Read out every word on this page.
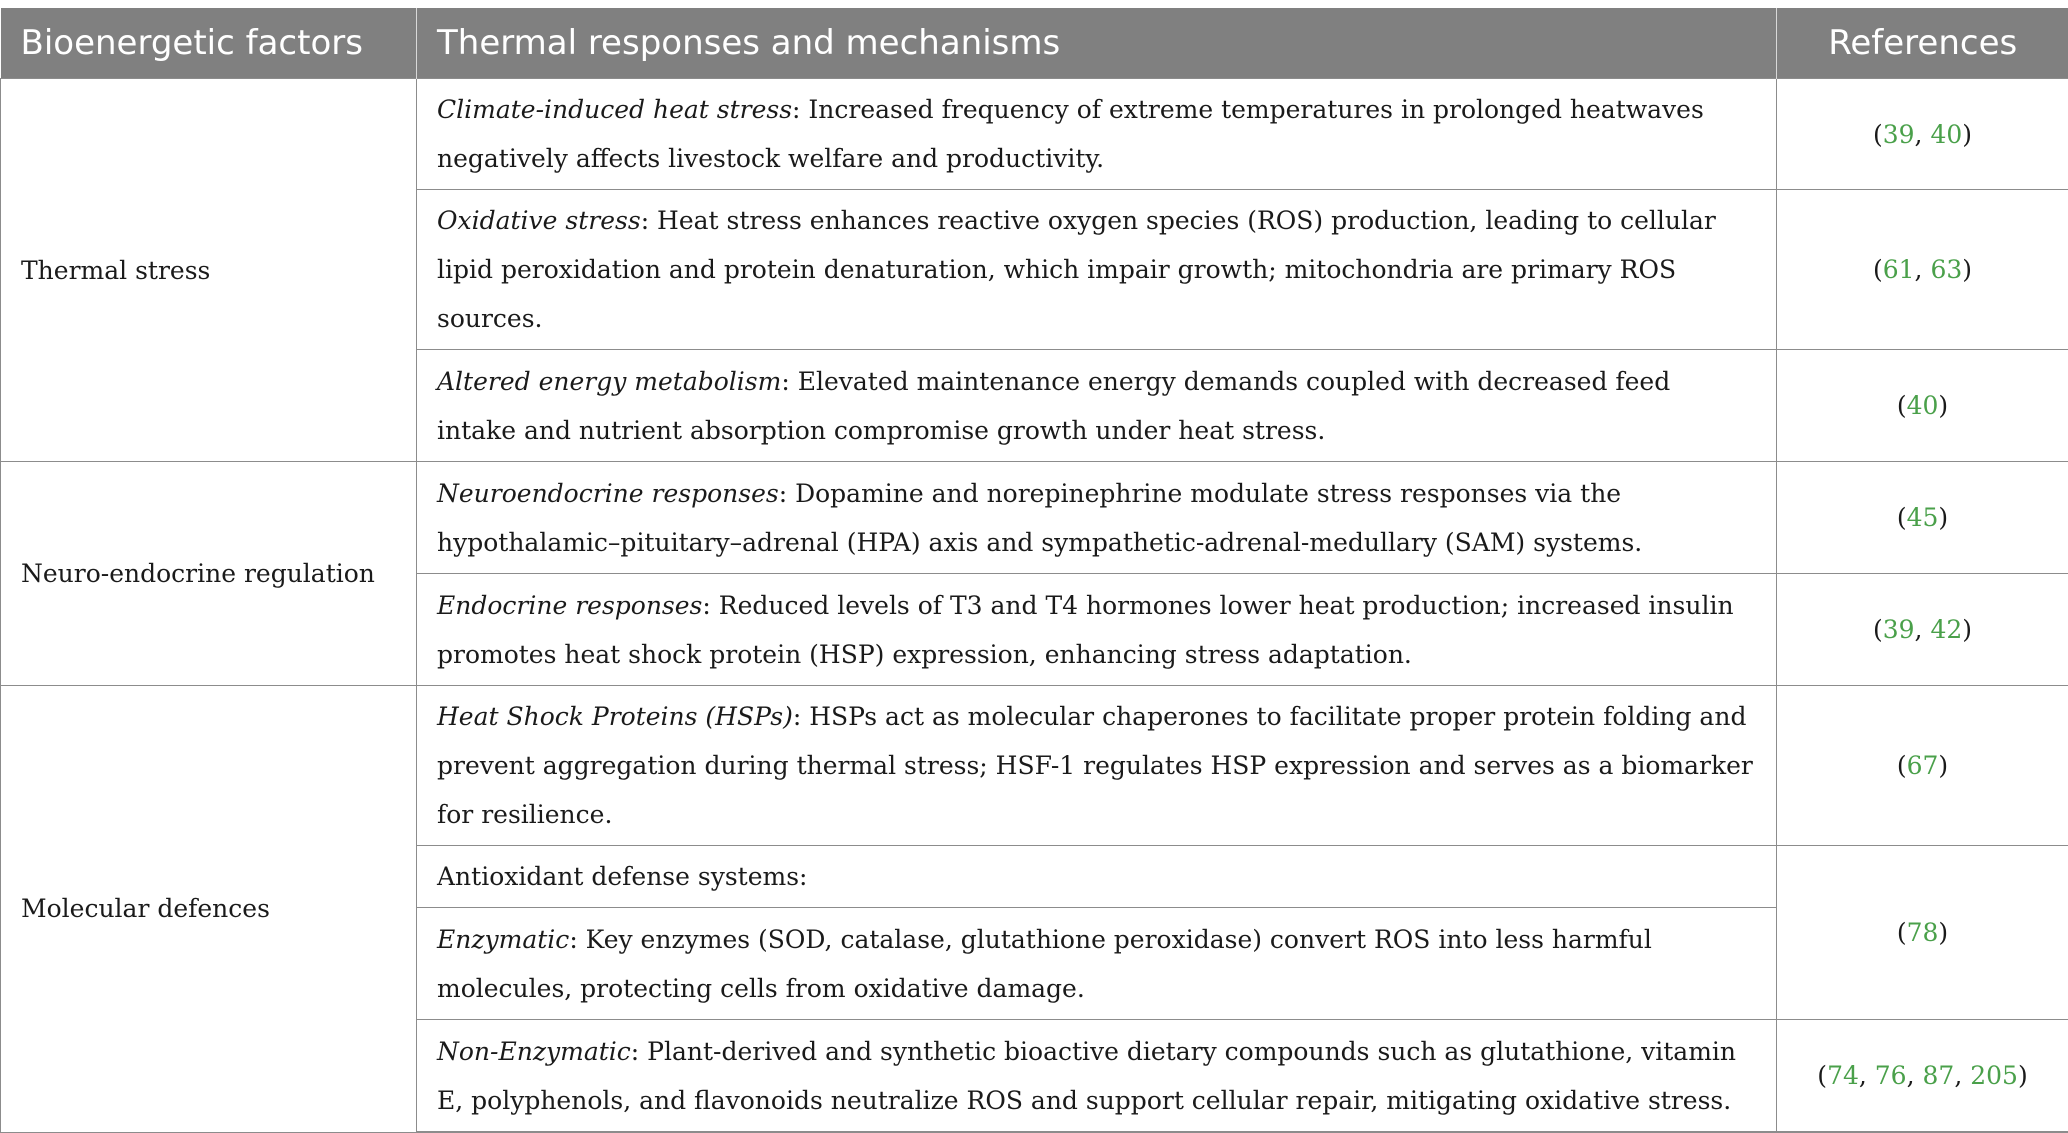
Bioenergetic factors	Thermal responses and mechanisms	References
Thermal stress	Climate-induced heat stress: Increased frequency of extreme temperatures in prolonged heatwaves negatively affects livestock welfare and productivity.	(39, 40)
	Oxidative stress: Heat stress enhances reactive oxygen species (ROS) production, leading to cellular lipid peroxidation and protein denaturation, which impair growth; mitochondria are primary ROS sources.	(61, 63)
	Altered energy metabolism: Elevated maintenance energy demands coupled with decreased feed intake and nutrient absorption compromise growth under heat stress.	(40)
Neuro-endocrine regulation	Neuroendocrine responses: Dopamine and norepinephrine modulate stress responses via the hypothalamic–pituitary–adrenal (HPA) axis and sympathetic-adrenal-medullary (SAM) systems.	(45)
	Endocrine responses: Reduced levels of T3 and T4 hormones lower heat production; increased insulin promotes heat shock protein (HSP) expression, enhancing stress adaptation.	(39, 42)
Molecular defences	Heat Shock Proteins (HSPs): HSPs act as molecular chaperones to facilitate proper protein folding and prevent aggregation during thermal stress; HSF-1 regulates HSP expression and serves as a biomarker for resilience.	(67)
	Antioxidant defense systems:	(78)
	Enzymatic: Key enzymes (SOD, catalase, glutathione peroxidase) convert ROS into less harmful molecules, protecting cells from oxidative damage.	
	Non-Enzymatic: Plant-derived and synthetic bioactive dietary compounds such as glutathione, vitamin E, polyphenols, and flavonoids neutralize ROS and support cellular repair, mitigating oxidative stress.	(74, 76, 87, 205)
